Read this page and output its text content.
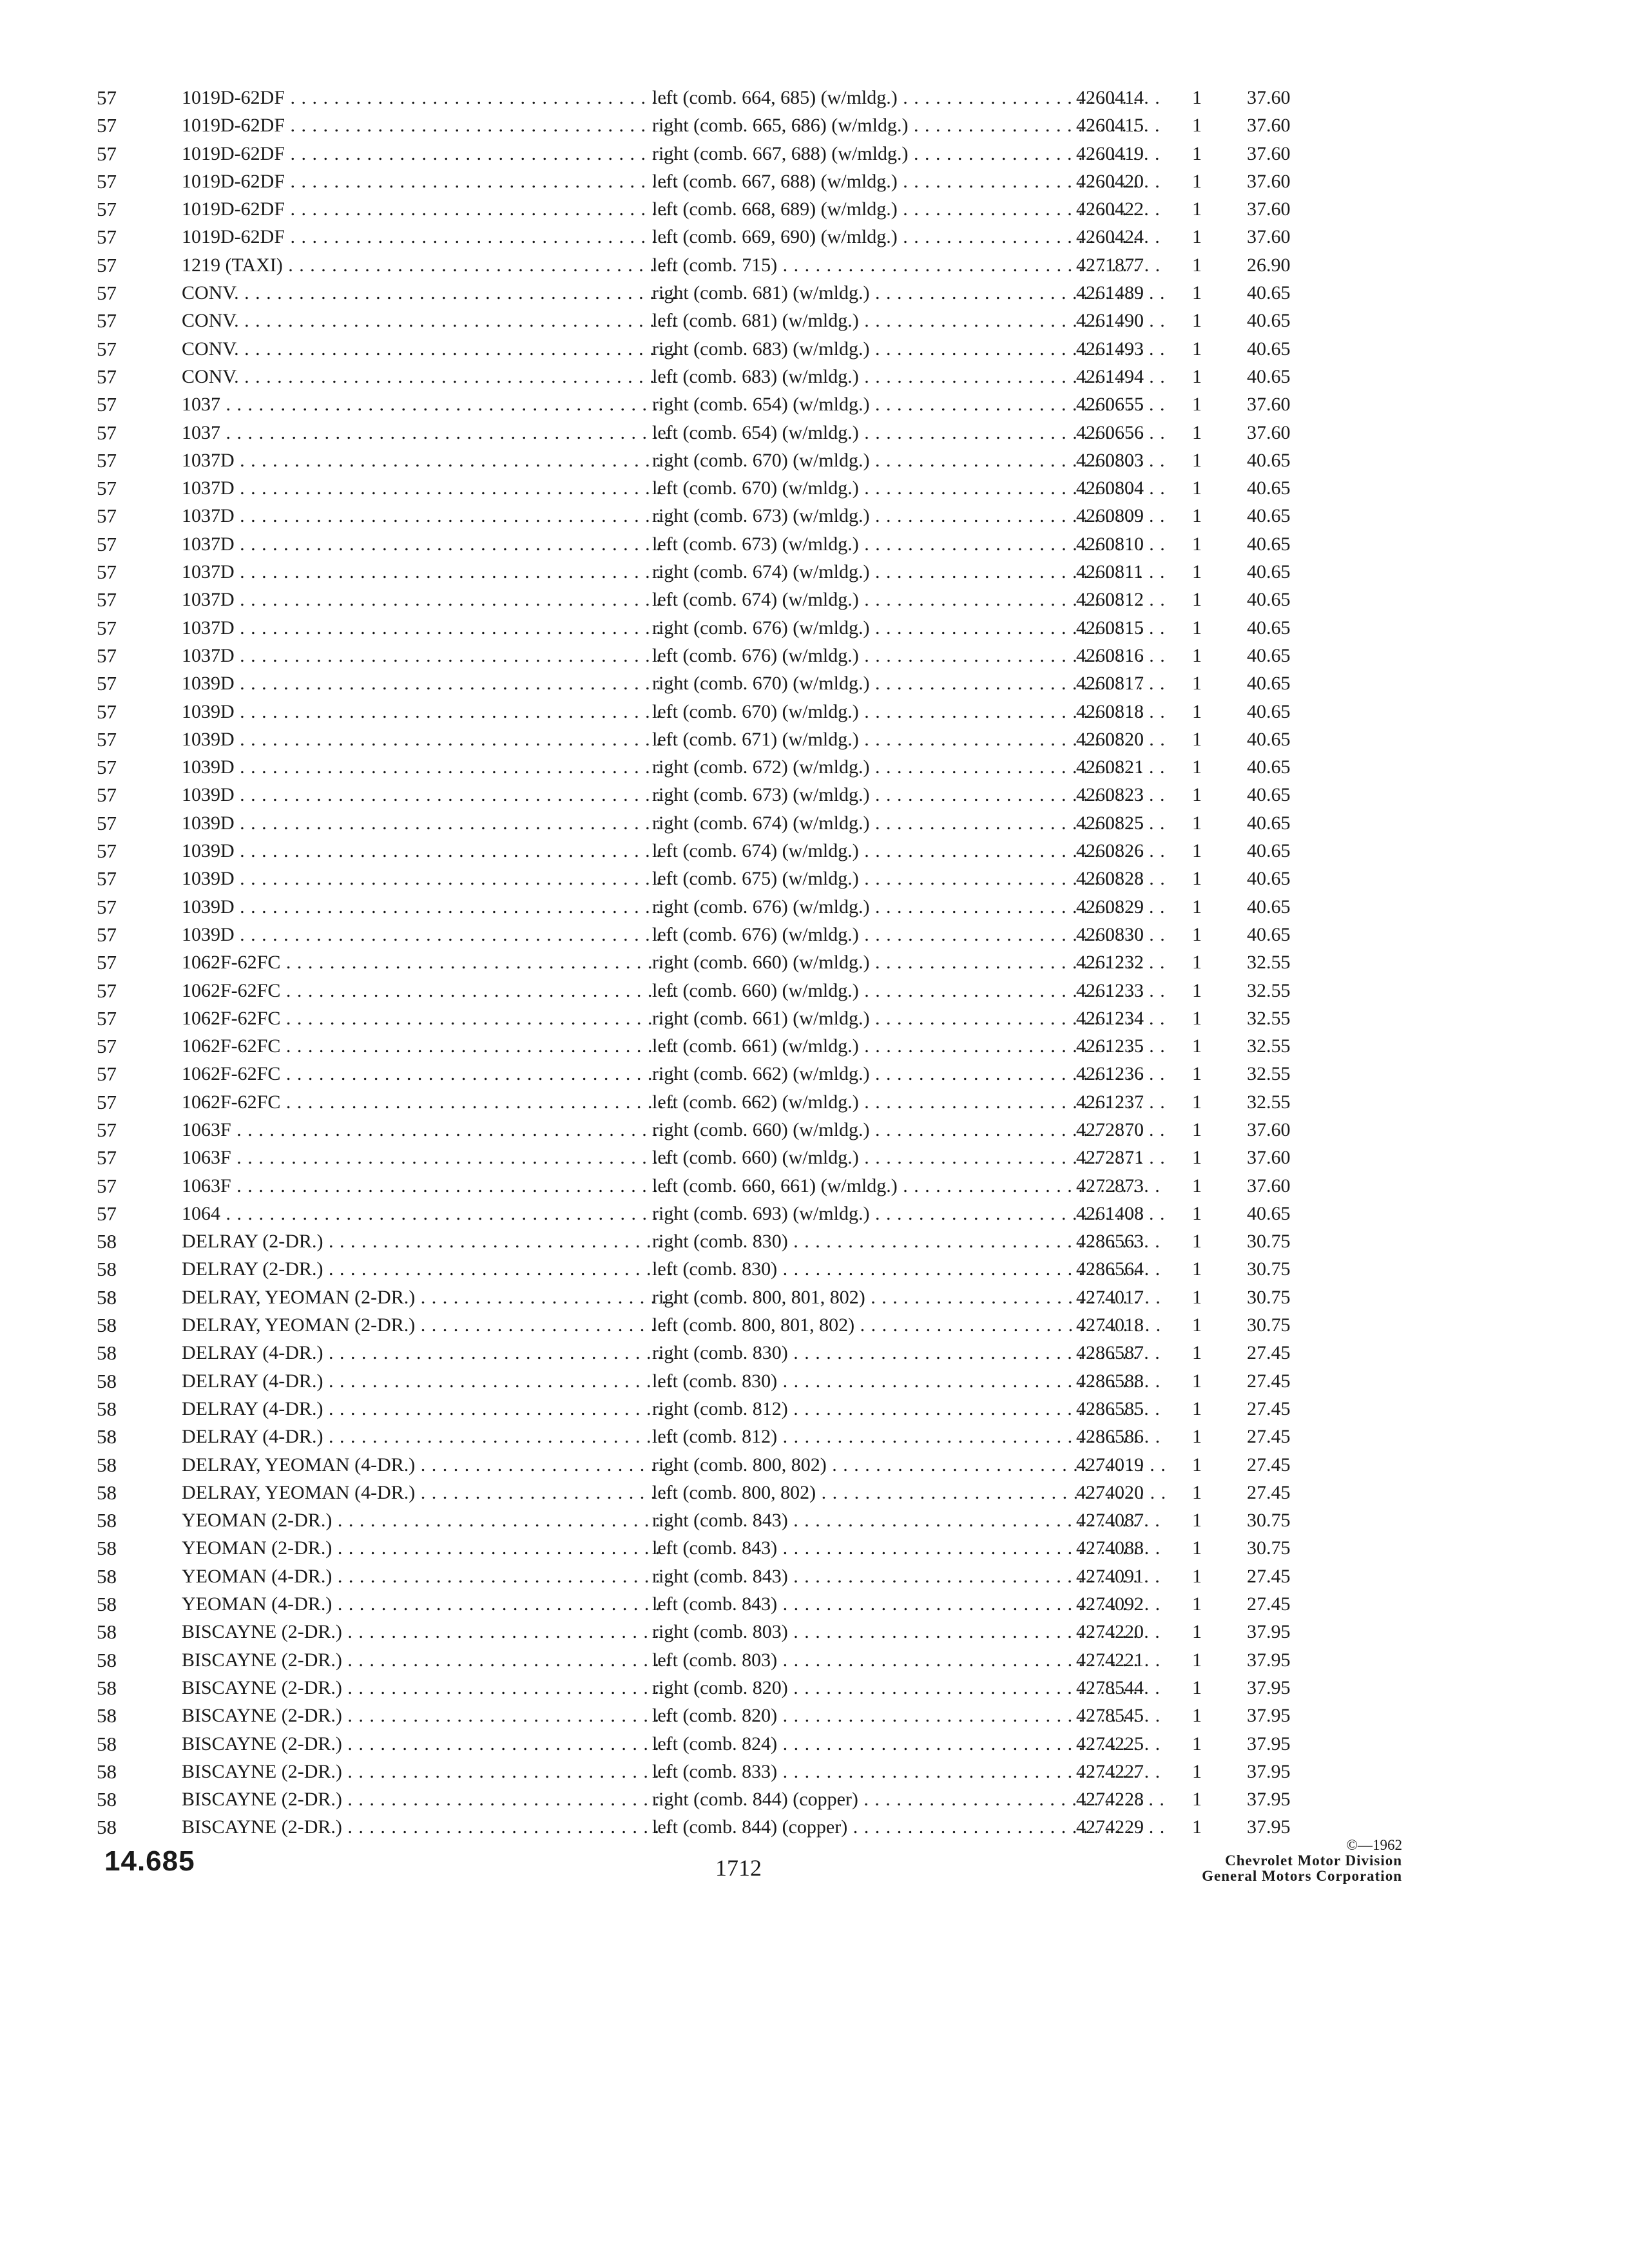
57	1019D-62DF . . .	left (comb. 664, 685) (w/mldg.) . . .	4260414	1	37.60
57	1019D-62DF . . .	right (comb. 665, 686) (w/mldg.) . . .	4260415	1	37.60
57	1019D-62DF . . .	right (comb. 667, 688) (w/mldg.) . . .	4260419	1	37.60
57	1019D-62DF . . .	left (comb. 667, 688) (w/mldg.) . . .	4260420	1	37.60
57	1019D-62DF . . .	left (comb. 668, 689) (w/mldg.) . . .	4260422	1	37.60
57	1019D-62DF . . .	left (comb. 669, 690) (w/mldg.) . . .	4260424	1	37.60
57	1219 (TAXI) . . .	left (comb. 715) . . .	4271877	1	26.90
57	CONV. . . .	right (comb. 681) (w/mldg.) . . .	4261489	1	40.65
57	CONV. . . .	left (comb. 681) (w/mldg.) . . .	4261490	1	40.65
57	CONV. . . .	right (comb. 683) (w/mldg.) . . .	4261493	1	40.65
57	CONV. . . .	left (comb. 683) (w/mldg.) . . .	4261494	1	40.65
57	1037 . . .	right (comb. 654) (w/mldg.) . . .	4260655	1	37.60
57	1037 . . .	left (comb. 654) (w/mldg.) . . .	4260656	1	37.60
57	1037D . . .	right (comb. 670) (w/mldg.) . . .	4260803	1	40.65
57	1037D . . .	left (comb. 670) (w/mldg.) . . .	4260804	1	40.65
57	1037D . . .	right (comb. 673) (w/mldg.) . . .	4260809	1	40.65
57	1037D . . .	left (comb. 673) (w/mldg.) . . .	4260810	1	40.65
57	1037D . . .	right (comb. 674) (w/mldg.) . . .	4260811	1	40.65
57	1037D . . .	left (comb. 674) (w/mldg.) . . .	4260812	1	40.65
57	1037D . . .	right (comb. 676) (w/mldg.) . . .	4260815	1	40.65
57	1037D . . .	left (comb. 676) (w/mldg.) . . .	4260816	1	40.65
57	1039D . . .	right (comb. 670) (w/mldg.) . . .	4260817	1	40.65
57	1039D . . .	left (comb. 670) (w/mldg.) . . .	4260818	1	40.65
57	1039D . . .	left (comb. 671) (w/mldg.) . . .	4260820	1	40.65
57	1039D . . .	right (comb. 672) (w/mldg.) . . .	4260821	1	40.65
57	1039D . . .	right (comb. 673) (w/mldg.) . . .	4260823	1	40.65
57	1039D . . .	right (comb. 674) (w/mldg.) . . .	4260825	1	40.65
57	1039D . . .	left (comb. 674) (w/mldg.) . . .	4260826	1	40.65
57	1039D . . .	left (comb. 675) (w/mldg.) . . .	4260828	1	40.65
57	1039D . . .	right (comb. 676) (w/mldg.) . . .	4260829	1	40.65
57	1039D . . .	left (comb. 676) (w/mldg.) . . .	4260830	1	40.65
57	1062F-62FC . . .	right (comb. 660) (w/mldg.) . . .	4261232	1	32.55
57	1062F-62FC . . .	left (comb. 660) (w/mldg.) . . .	4261233	1	32.55
57	1062F-62FC . . .	right (comb. 661) (w/mldg.) . . .	4261234	1	32.55
57	1062F-62FC . . .	left (comb. 661) (w/mldg.) . . .	4261235	1	32.55
57	1062F-62FC . . .	right (comb. 662) (w/mldg.) . . .	4261236	1	32.55
57	1062F-62FC . . .	left (comb. 662) (w/mldg.) . . .	4261237	1	32.55
57	1063F . . .	right (comb. 660) (w/mldg.) . . .	4272870	1	37.60
57	1063F . . .	left (comb. 660) (w/mldg.) . . .	4272871	1	37.60
57	1063F . . .	left (comb. 660, 661) (w/mldg.) . . .	4272873	1	37.60
57	1064 . . .	right (comb. 693) (w/mldg.) . . .	4261408	1	40.65
58	DELRAY (2-DR.) . . .	right (comb. 830) . . .	4286563	1	30.75
58	DELRAY (2-DR.) . . .	left (comb. 830) . . .	4286564	1	30.75
58	DELRAY, YEOMAN (2-DR.) . . .	right (comb. 800, 801, 802) . . .	4274017	1	30.75
58	DELRAY, YEOMAN (2-DR.) . . .	left (comb. 800, 801, 802) . . .	4274018	1	30.75
58	DELRAY (4-DR.) . . .	right (comb. 830) . . .	4286587	1	27.45
58	DELRAY (4-DR.) . . .	left (comb. 830) . . .	4286588	1	27.45
58	DELRAY (4-DR.) . . .	right (comb. 812) . . .	4286585	1	27.45
58	DELRAY (4-DR.) . . .	left (comb. 812) . . .	4286586	1	27.45
58	DELRAY, YEOMAN (4-DR.) . . .	right (comb. 800, 802) . . .	4274019	1	27.45
58	DELRAY, YEOMAN (4-DR.) . . .	left (comb. 800, 802) . . .	4274020	1	27.45
58	YEOMAN (2-DR.) . . .	right (comb. 843) . . .	4274087	1	30.75
58	YEOMAN (2-DR.) . . .	left (comb. 843) . . .	4274088	1	30.75
58	YEOMAN (4-DR.) . . .	right (comb. 843) . . .	4274091	1	27.45
58	YEOMAN (4-DR.) . . .	left (comb. 843) . . .	4274092	1	27.45
58	BISCAYNE (2-DR.) . . .	right (comb. 803) . . .	4274220	1	37.95
58	BISCAYNE (2-DR.) . . .	left (comb. 803) . . .	4274221	1	37.95
58	BISCAYNE (2-DR.) . . .	right (comb. 820) . . .	4278544	1	37.95
58	BISCAYNE (2-DR.) . . .	left (comb. 820) . . .	4278545	1	37.95
58	BISCAYNE (2-DR.) . . .	left (comb. 824) . . .	4274225	1	37.95
58	BISCAYNE (2-DR.) . . .	left (comb. 833) . . .	4274227	1	37.95
58	BISCAYNE (2-DR.) . . .	right (comb. 844) (copper) . . .	4274228	1	37.95
58	BISCAYNE (2-DR.) . . .	left (comb. 844) (copper) . . .	4274229	1	37.95
14.685	1712
©—1962
Chevrolet Motor Division
General Motors Corporation
